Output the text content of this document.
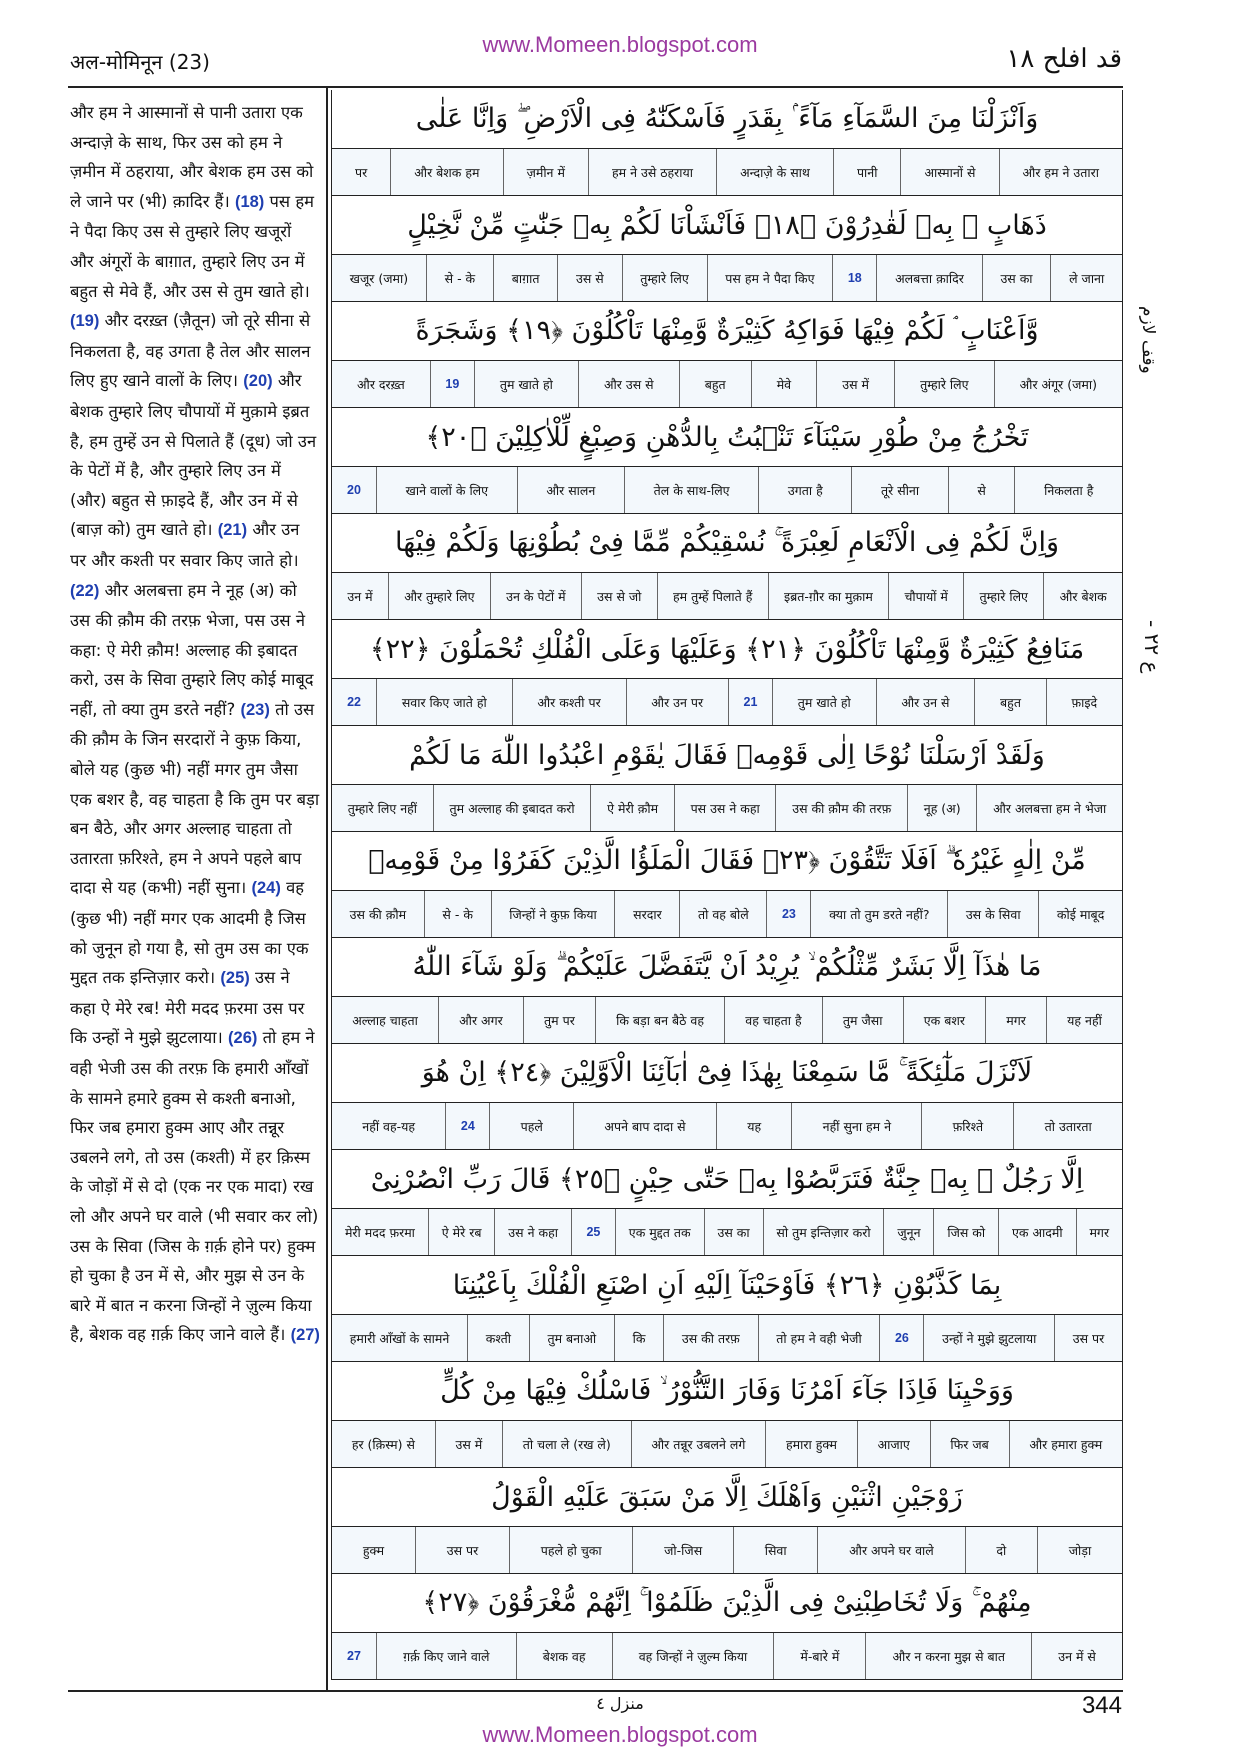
www.Momeen.blogspot.com
अल-मोमिनून (23)	قد افلح ١٨
और हम ने आस्मानों से पानी उतारा एक अन्दाज़े के साथ, फिर उस को हम ने ज़मीन में ठहराया, और बेशक हम उस को ले जाने पर (भी) क़ादिर हैं। (18) पस हम ने पैदा किए उस से तुम्हारे लिए खजूरों और अंगूरों के बाग़ात, तुम्हारे लिए उन में बहुत से मेवे हैं, और उस से तुम खाते हो। (19) और दरख़्त (ज़ैतून) जो तूरे सीना से निकलता है, वह उगता है तेल और सालन लिए हुए खाने वालों के लिए। (20) और बेशक तुम्हारे लिए चौपायों में मुक़ामे इब्रत है, हम तुम्हें उन से पिलाते हैं (दूध) जो उन के पेटों में है, और तुम्हारे लिए उन में (और) बहुत से फ़ाइदे हैं, और उन में से (बाज़ को) तुम खाते हो। (21) और उन पर और कश्ती पर सवार किए जाते हो। (22) और अलबत्ता हम ने नूह (अ) को उस की क़ौम की तरफ़ भेजा, पस उस ने कहा: ऐ मेरी क़ौम! अल्लाह की इबादत करो, उस के सिवा तुम्हारे लिए कोई माबूद नहीं, तो क्या तुम डरते नहीं? (23) तो उस की क़ौम के जिन सरदारों ने कुफ़ किया, बोले यह (कुछ भी) नहीं मगर तुम जैसा एक बशर है, वह चाहता है कि तुम पर बड़ा बन बैठे, और अगर अल्लाह चाहता तो उतारता फ़रिश्ते, हम ने अपने पहले बाप दादा से यह (कभी) नहीं सुना। (24) वह (कुछ भी) नहीं मगर एक आदमी है जिस को जुनून हो गया है, सो तुम उस का एक मुद्दत तक इन्तिज़ार करो। (25) उस ने कहा ऐ मेरे रब! मेरी मदद फ़रमा उस पर कि उन्हों ने मुझे झुटलाया। (26) तो हम ने वही भेजी उस की तरफ़ कि हमारी आँखों के सामने हमारे हुक्म से कश्ती बनाओ, फिर जब हमारा हुक्म आए और तन्नूर उबलने लगे, तो उस (कश्ती) में हर क़िस्म के जोड़ों में से दो (एक नर एक मादा) रख लो और अपने घर वाले (भी सवार कर लो) उस के सिवा (जिस के ग़र्क़ होने पर) हुक्म हो चुका है उन में से, और मुझ से उन के बारे में बात न करना जिन्हों ने ज़ुल्म किया है, बेशक वह ग़र्क़ किए जाने वाले हैं। (27)
وَاَنْزَلْنَا مِنَ السَّمَآءِ مَآءً ۢ بِقَدَرٍ فَاَسْكَنّٰهُ فِى الْاَرْضِ ۖ وَاِنَّا عَلٰى
और हम ने उतारा
आस्मानों से
पानी
अन्दाज़े के साथ
हम ने उसे ठहराया
ज़मीन में
और बेशक हम
पर
ذَهَابٍ ۢ بِهٖ لَقٰدِرُوْنَ ﴿١٨﴾ فَاَنْشَاْنَا لَكُمْ بِهٖ جَنّٰتٍ مِّنْ نَّخِيْلٍ
ले जाना
उस का
अलबत्ता क़ादिर
18
पस हम ने पैदा किए
तुम्हारे लिए
उस से
बाग़ात
से - के
खजूर (जमा)
وَّاَعْنَابٍ ۘ لَكُمْ فِيْهَا فَوَاكِهُ كَثِيْرَةٌ وَّمِنْهَا تَاْكُلُوْنَ ﴿١٩﴾ وَشَجَرَةً
और अंगूर (जमा)
तुम्हारे लिए
उस में
मेवे
बहुत
और उस से
तुम खाते हो
19
और दरख़्त
تَخْرُجُ مِنْ طُوْرِ سَيْنَآءَ تَنْۢبُتُ بِالدُّهْنِ وَصِبْغٍ لِّلْاٰكِلِيْنَ ﴿٢٠﴾
निकलता है
से
तूरे सीना
उगता है
तेल के साथ-लिए
और सालन
खाने वालों के लिए
20
وَاِنَّ لَكُمْ فِى الْاَنْعَامِ لَعِبْرَةً ۚ نُسْقِيْكُمْ مِّمَّا فِىْ بُطُوْنِهَا وَلَكُمْ فِيْهَا
और बेशक
तुम्हारे लिए
चौपायों में
इब्रत-ग़ौर का मुक़ाम
हम तुम्हें पिलाते हैं
उस से जो
उन के पेटों में
और तुम्हारे लिए
उन में
مَنَافِعُ كَثِيْرَةٌ وَّمِنْهَا تَاْكُلُوْنَ ﴿٢١﴾ وَعَلَيْهَا وَعَلَى الْفُلْكِ تُحْمَلُوْنَ ﴿٢٢﴾
फ़ाइदे
बहुत
और उन से
तुम खाते हो
21
और उन पर
और कश्ती पर
सवार किए जाते हो
22
وَلَقَدْ اَرْسَلْنَا نُوْحًا اِلٰى قَوْمِهٖ فَقَالَ يٰقَوْمِ اعْبُدُوا اللّٰهَ مَا لَكُمْ
और अलबत्ता हम ने भेजा
नूह (अ)
उस की क़ौम की तरफ़
पस उस ने कहा
ऐ मेरी क़ौम
तुम अल्लाह की इबादत करो
तुम्हारे लिए नहीं
مِّنْ اِلٰهٍ غَيْرُهٗ ۗ اَفَلَا تَتَّقُوْنَ ﴿٢٣﴾ فَقَالَ الْمَلَؤُا الَّذِيْنَ كَفَرُوْا مِنْ قَوْمِهٖ
कोई माबूद
उस के सिवा
क्या तो तुम डरते नहीं?
23
तो वह बोले
सरदार
जिन्हों ने कुफ़ किया
से - के
उस की क़ौम
مَا هٰذَآ اِلَّا بَشَرٌ مِّثْلُكُمْ ۙ يُرِيْدُ اَنْ يَّتَفَضَّلَ عَلَيْكُمْ ۗ وَلَوْ شَآءَ اللّٰهُ
यह नहीं
मगर
एक बशर
तुम जैसा
वह चाहता है
कि बड़ा बन बैठे वह
तुम पर
और अगर
अल्लाह चाहता
لَاَنْزَلَ مَلٰٓئِكَةً ۚ مَّا سَمِعْنَا بِهٰذَا فِىْٓ اٰبَآئِنَا الْاَوَّلِيْنَ ﴿٢٤﴾ اِنْ هُوَ
तो उतारता
फ़रिश्ते
नहीं सुना हम ने
यह
अपने बाप दादा से
पहले
24
नहीं वह-यह
اِلَّا رَجُلٌ ۢ بِهٖ جِنَّةٌ فَتَرَبَّصُوْا بِهٖ حَتّٰى حِيْنٍ ﴿٢٥﴾ قَالَ رَبِّ انْصُرْنِىْ
मगर
एक आदमी
जिस को
जुनून
सो तुम इन्तिज़ार करो
उस का
एक मुद्दत तक
25
उस ने कहा
ऐ मेरे रब
मेरी मदद फ़रमा
بِمَا كَذَّبُوْنِ ﴿٢٦﴾ فَاَوْحَيْنَآ اِلَيْهِ اَنِ اصْنَعِ الْفُلْكَ بِاَعْيُنِنَا
उस पर
उन्हों ने मुझे झुटलाया
26
तो हम ने वही भेजी
उस की तरफ़
कि
तुम बनाओ
कश्ती
हमारी आँखों के सामने
وَوَحْيِنَا فَاِذَا جَآءَ اَمْرُنَا وَفَارَ التَّنُّوْرُ ۙ فَاسْلُكْ فِيْهَا مِنْ كُلٍّ
और हमारा हुक्म
फिर जब
आजाए
हमारा हुक्म
और तन्नूर उबलने लगे
तो चला ले (रख ले)
उस में
हर (क़िस्म) से
زَوْجَيْنِ اثْنَيْنِ وَاَهْلَكَ اِلَّا مَنْ سَبَقَ عَلَيْهِ الْقَوْلُ
जोड़ा
दो
और अपने घर वाले
सिवा
जो-जिस
पहले हो चुका
उस पर
हुक्म
مِنْهُمْ ۚ وَلَا تُخَاطِبْنِىْ فِى الَّذِيْنَ ظَلَمُوْا ۚ اِنَّهُمْ مُّغْرَقُوْنَ ﴿٢٧﴾
उन में से
और न करना मुझ से बात
में-बारे में
वह जिन्हों ने ज़ुल्म किया
बेशक वह
ग़र्क़ किए जाने वाले
27
وقف لازم
ع ٢٢ -
منزل ٤	344
www.Momeen.blogspot.com
